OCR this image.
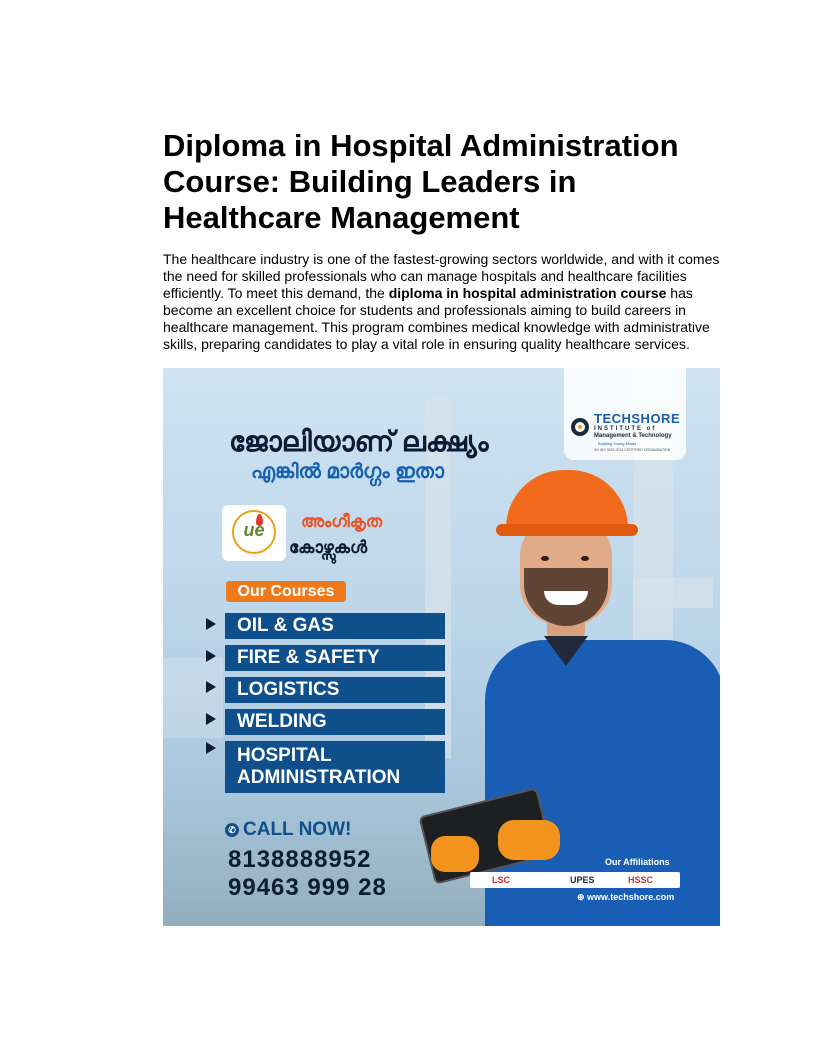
Diploma in Hospital Administration Course: Building Leaders in Healthcare Management

The healthcare industry is one of the fastest-growing sectors worldwide, and with it comes the need for skilled professionals who can manage hospitals and healthcare facilities efficiently. To meet this demand, the diploma in hospital administration course has become an excellent choice for students and professionals aiming to build careers in healthcare management. This program combines medical knowledge with administrative skills, preparing candidates to play a vital role in ensuring quality healthcare services.

TECHSHORE
INSTITUTE of
Management & Technology
Building Young Minds
AN ISO 9001:2015 CERTIFIED ORGANISATION
ജോലിയാണ് ലക്ഷ്യം
എങ്കിൽ മാർഗ്ഗം ഇതാ
ue	അംഗീകൃത
കോഴ്സുകൾ
Our Courses
OIL & GAS
FIRE & SAFETY
LOGISTICS
WELDING
HOSPITAL
ADMINISTRATION
✆ CALL NOW!
8138888952
99463 999 28
Our Affiliations
LSC	UPES	HSSC
⊕ www.techshore.com
